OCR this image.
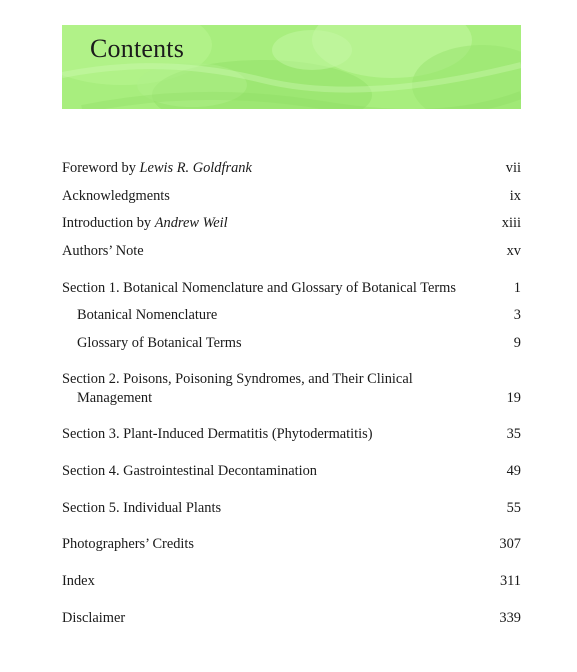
Contents
Foreword by Lewis R. Goldfrank	vii
Acknowledgments	ix
Introduction by Andrew Weil	xiii
Authors’ Note	xv
Section 1. Botanical Nomenclature and Glossary of Botanical Terms	1
Botanical Nomenclature	3
Glossary of Botanical Terms	9
Section 2. Poisons, Poisoning Syndromes, and Their Clinical
Management	19
Section 3. Plant-Induced Dermatitis (Phytodermatitis)	35
Section 4. Gastrointestinal Decontamination	49
Section 5. Individual Plants	55
Photographers’ Credits	307
Index	311
Disclaimer	339
